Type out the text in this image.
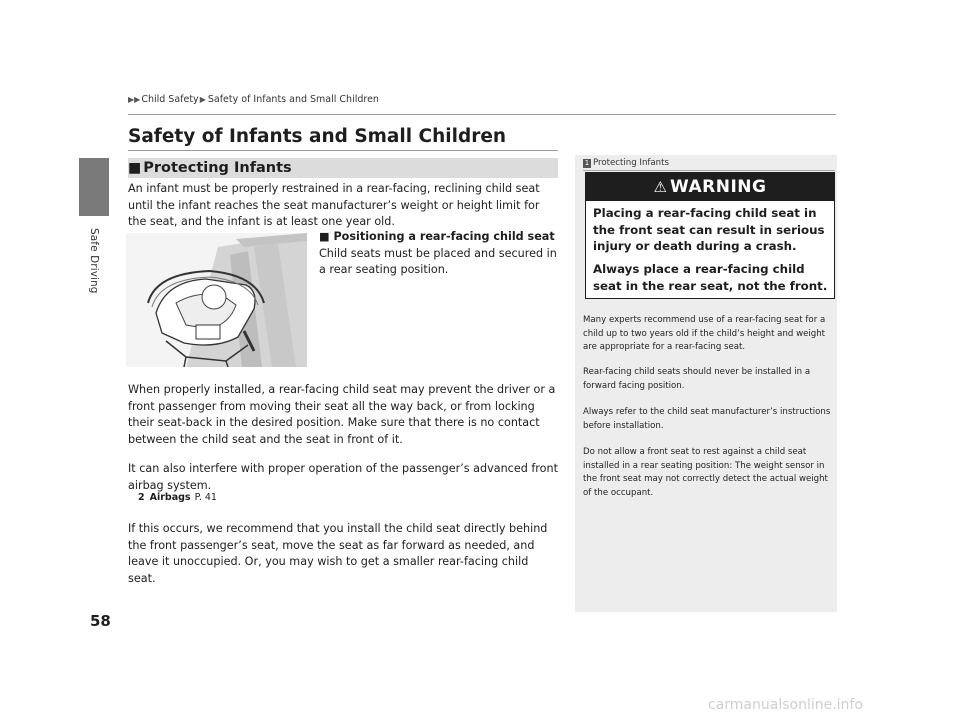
▶▶ Child Safety ▶ Safety of Infants and Small Children
Safe Driving
Safety of Infants and Small Children
■ Protecting Infants
An infant must be properly restrained in a rear-facing, reclining child seat until the infant reaches the seat manufacturer’s weight or height limit for the seat, and the infant is at least one year old.
■ Positioning a rear-facing child seat
Child seats must be placed and secured in a rear seating position.
When properly installed, a rear-facing child seat may prevent the driver or a front passenger from moving their seat all the way back, or from locking their seat-back in the desired position. Make sure that there is no contact between the child seat and the seat in front of it.
It can also interfere with proper operation of the passenger’s advanced front airbag system.
2 Airbags P. 41
If this occurs, we recommend that you install the child seat directly behind the front passenger’s seat, move the seat as far forward as needed, and leave it unoccupied. Or, you may wish to get a smaller rear-facing child seat.
1 Protecting Infants
⚠ WARNING
Placing a rear-facing child seat in the front seat can result in serious injury or death during a crash.
Always place a rear-facing child seat in the rear seat, not the front.
Many experts recommend use of a rear-facing seat for a child up to two years old if the child’s height and weight are appropriate for a rear-facing seat.
Rear-facing child seats should never be installed in a forward facing position.
Always refer to the child seat manufacturer’s instructions before installation.
Do not allow a front seat to rest against a child seat installed in a rear seating position: The weight sensor in the front seat may not correctly detect the actual weight of the occupant.
58
carmanualsonline.info
